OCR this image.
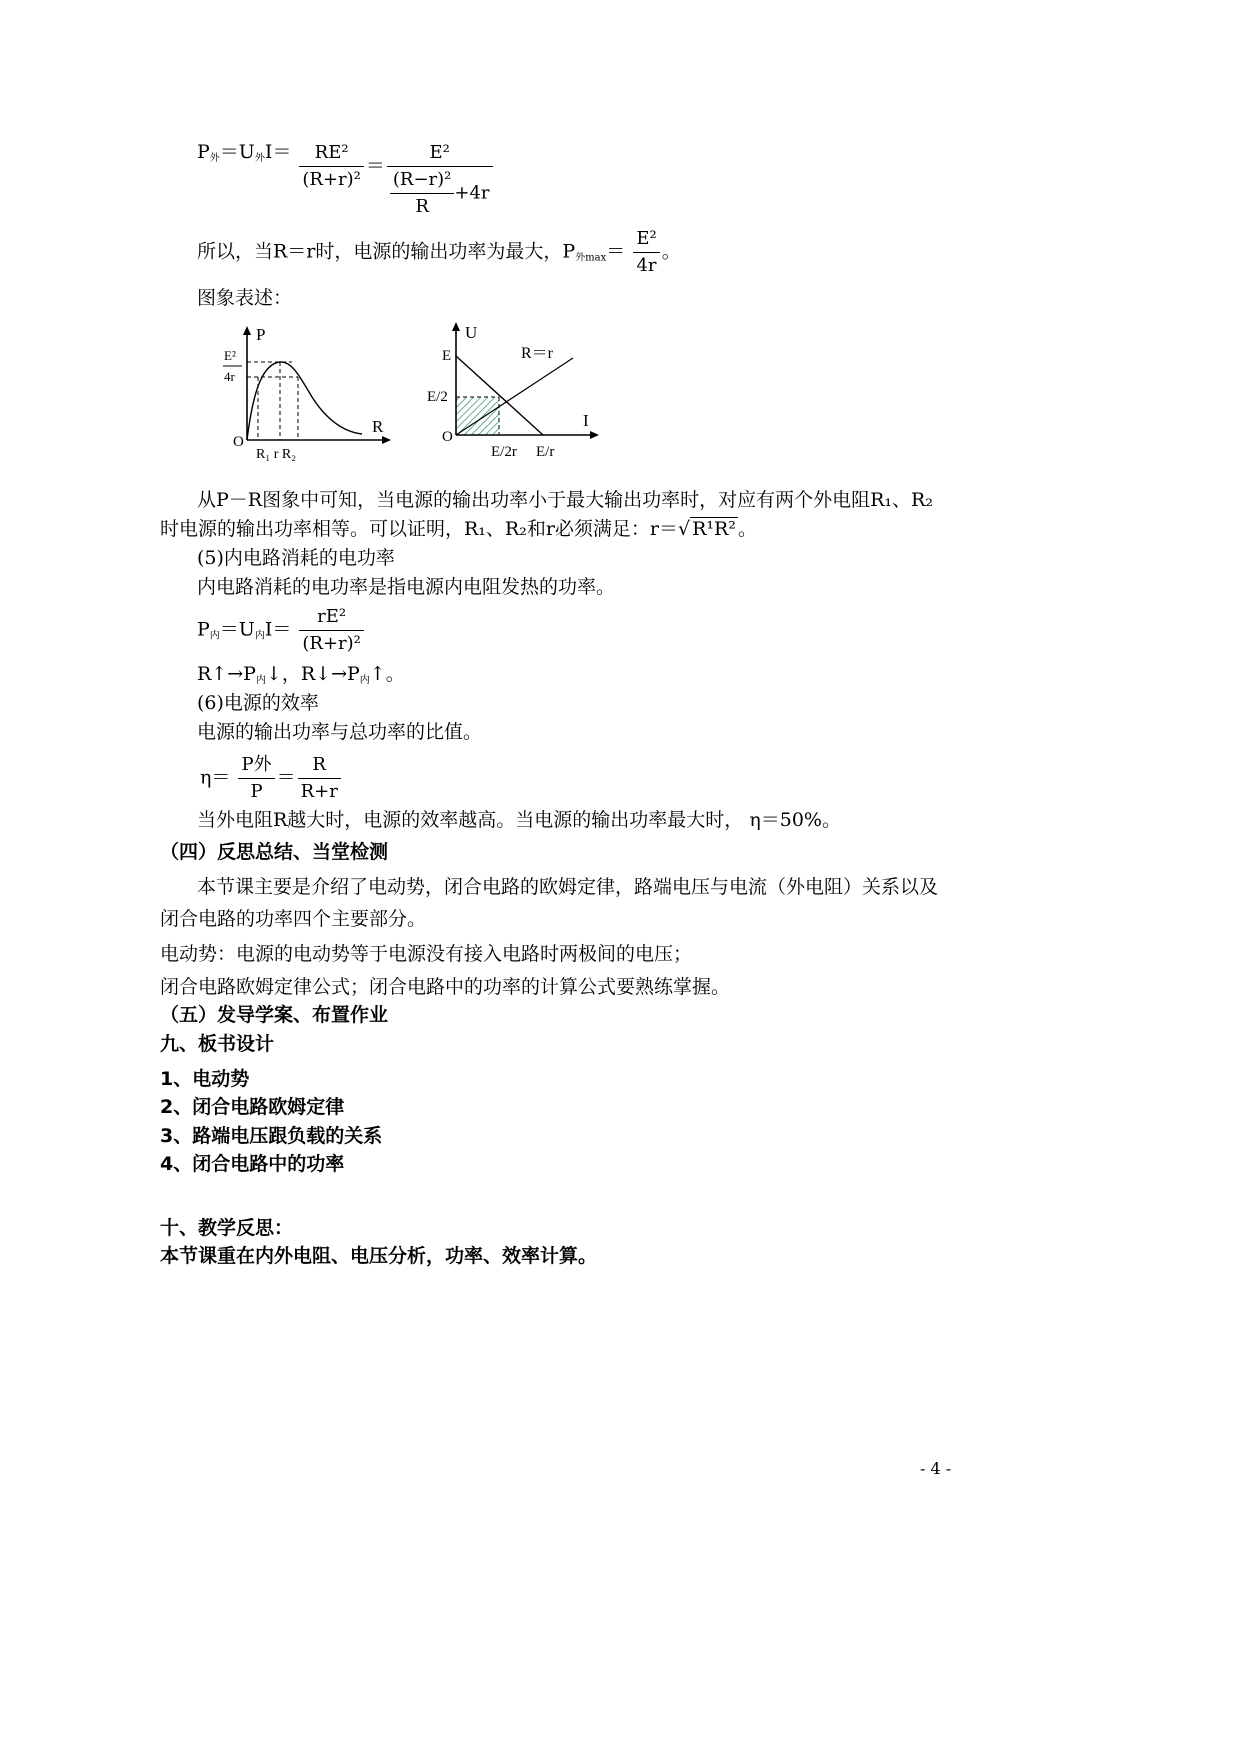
$P_外=U_外I= \frac{\text{RE²}}{\text{(R+r)²}} = \frac{\text{E²}}{\frac{\text{(R−r)²}}{R} +4r}$
所以，当R＝r时，电源的输出功率为最大，$P_{外max}= \frac{\text{E²}}{4r}$ 。
图象表述：
P
R
O
E²
4r
R₁ r R₂
U
I
O
E
E/2
R＝r
E/2r E/r
从P－R图象中可知，当电源的输出功率小于最大输出功率时，对应有两个外电阻R₁、R₂
时电源的输出功率相等。可以证明，R₁、R₂和r必须满足：r＝√ R¹R² 。
(5)内电路消耗的电功率
内电路消耗的电功率是指电源内电阻发热的功率。
$P_内=U_内I= \frac{\text{rE²}}{\text{(R+r)²}}$
$R↑\to P_内↓$，$R↓\to P_内↑$。
(6)电源的效率
电源的输出功率与总功率的比值。
$\eta= \frac{\text{P外}}{P} = \frac{R}{R+r}$
当外电阻R越大时，电源的效率越高。当电源的输出功率最大时， η＝50%。
（四）反思总结、当堂检测
本节课主要是介绍了电动势，闭合电路的欧姆定律，路端电压与电流（外电阻）关系以及
闭合电路的功率四个主要部分。
电动势：电源的电动势等于电源没有接入电路时两极间的电压；
闭合电路欧姆定律公式；闭合电路中的功率的计算公式要熟练掌握。
（五）发导学案、布置作业
九、板书设计
1、电动势
2、闭合电路欧姆定律
3、路端电压跟负载的关系
4、闭合电路中的功率
十、教学反思：
本节课重在内外电阻、电压分析，功率、效率计算。
- 4 -
